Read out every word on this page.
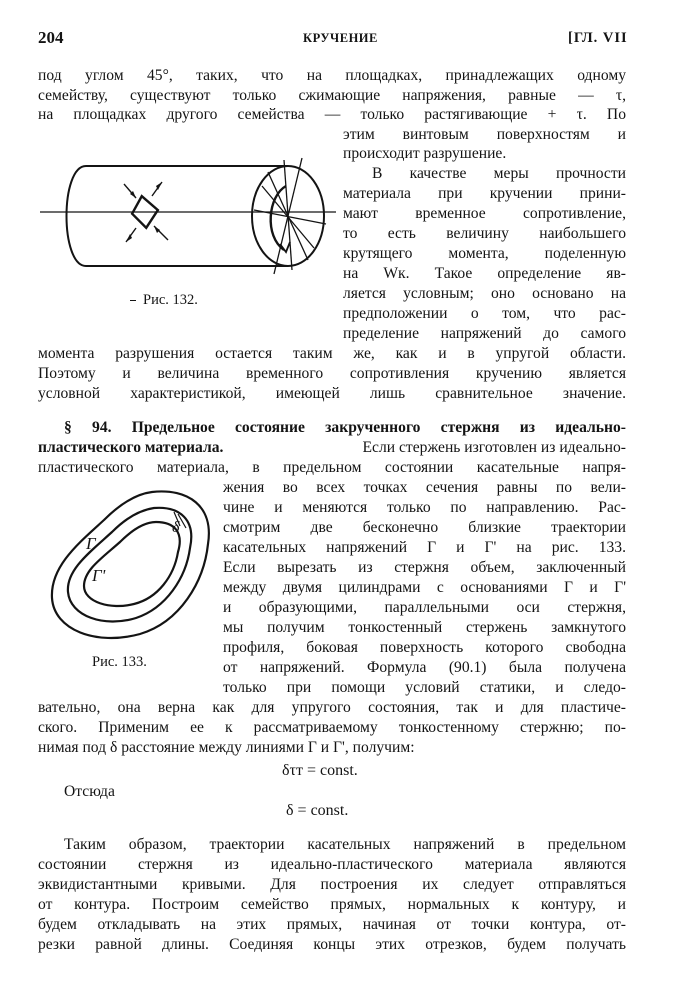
204	КРУЧЕНИЕ	[ГЛ. VII
под углом 45°, таких, что на площадках, принадлежащих одному
семейству, существуют только сжимающие напряжения, равные — τ,
на площадках другого семейства — только растягивающие + τ. По
этим винтовым поверхностям и
происходит разрушение.
В качестве меры прочности
материала при кручении прини-
мают временное сопротивление,
то есть величину наибольшего
крутящего момента, поделенную
на Wк. Такое определение яв-
ляется условным; оно основано на
предположении о том, что рас-
пределение напряжений до самого
Рис. 132.
момента разрушения остается таким же, как и в упругой области.
Поэтому и величина временного сопротивления кручению является
условной характеристикой, имеющей лишь сравнительное значение.
§ 94. Предельное состояние закрученного стержня из идеально-
пластического материала.	Если стержень изготовлен из идеально-
пластического материала, в предельном состоянии касательные напря-
жения во всех точках сечения равны по вели-
чине и меняются только по направлению. Рас-
смотрим две бесконечно близкие траектории
касательных напряжений Г и Г' на рис. 133.
Если вырезать из стержня объем, заключенный
между двумя цилиндрами с основаниями Г и Г'
и образующими, параллельными оси стержня,
мы получим тонкостенный стержень замкнутого
профиля, боковая поверхность которого свободна
от напряжений. Формула (90.1) была получена
только при помощи условий статики, и следо-
Г
Г'
δ
Рис. 133.
вательно, она верна как для упругого состояния, так и для пластиче-
ского. Применим ее к рассматриваемому тонкостенному стержню; по-
нимая под δ расстояние между линиями Г и Г', получим:
δτт = const.
Отсюда
δ = const.
Таким образом, траектории касательных напряжений в предельном
состоянии стержня из идеально-пластического материала являются
эквидистантными кривыми. Для построения их следует отправляться
от контура. Построим семейство прямых, нормальных к контуру, и
будем откладывать на этих прямых, начиная от точки контура, от-
резки равной длины. Соединяя концы этих отрезков, будем получать
